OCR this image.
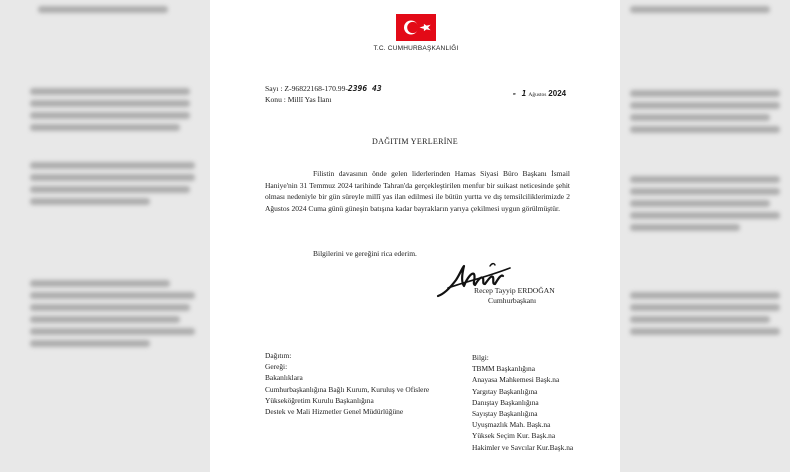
T.C. CUMHURBAŞKANLIĞI
Sayı : Z-96822168-170.99-2396 43
Konu : Millî Yas İlanı
- 1 Ağustos 2024
DAĞITIM YERLERİNE
Filistin davasının önde gelen liderlerinden Hamas Siyasi Büro Başkanı İsmail Haniye'nin 31 Temmuz 2024 tarihinde Tahran'da gerçekleştirilen menfur bir suikast neticesinde şehit olması nedeniyle bir gün süreyle millî yas ilan edilmesi ile bütün yurtta ve dış temsilciliklerimizde 2 Ağustos 2024 Cuma günü güneşin batışına kadar bayrakların yarıya çekilmesi uygun görülmüştür.
Bilgilerini ve gereğini rica ederim.
Recep Tayyip ERDOĞAN
Cumhurbaşkanı
Dağıtım:
Gereği:
Bakanlıklara
Cumhurbaşkanlığına Bağlı Kurum, Kuruluş ve Ofislere
Yükseköğretim Kurulu Başkanlığına
Destek ve Mali Hizmetler Genel Müdürlüğüne
Bilgi:
TBMM Başkanlığına
Anayasa Mahkemesi Başk.na
Yargıtay Başkanlığına
Danıştay Başkanlığına
Sayıştay Başkanlığına
Uyuşmazlık Mah. Başk.na
Yüksek Seçim Kur. Başk.na
Hakimler ve Savcılar Kur.Başk.na
